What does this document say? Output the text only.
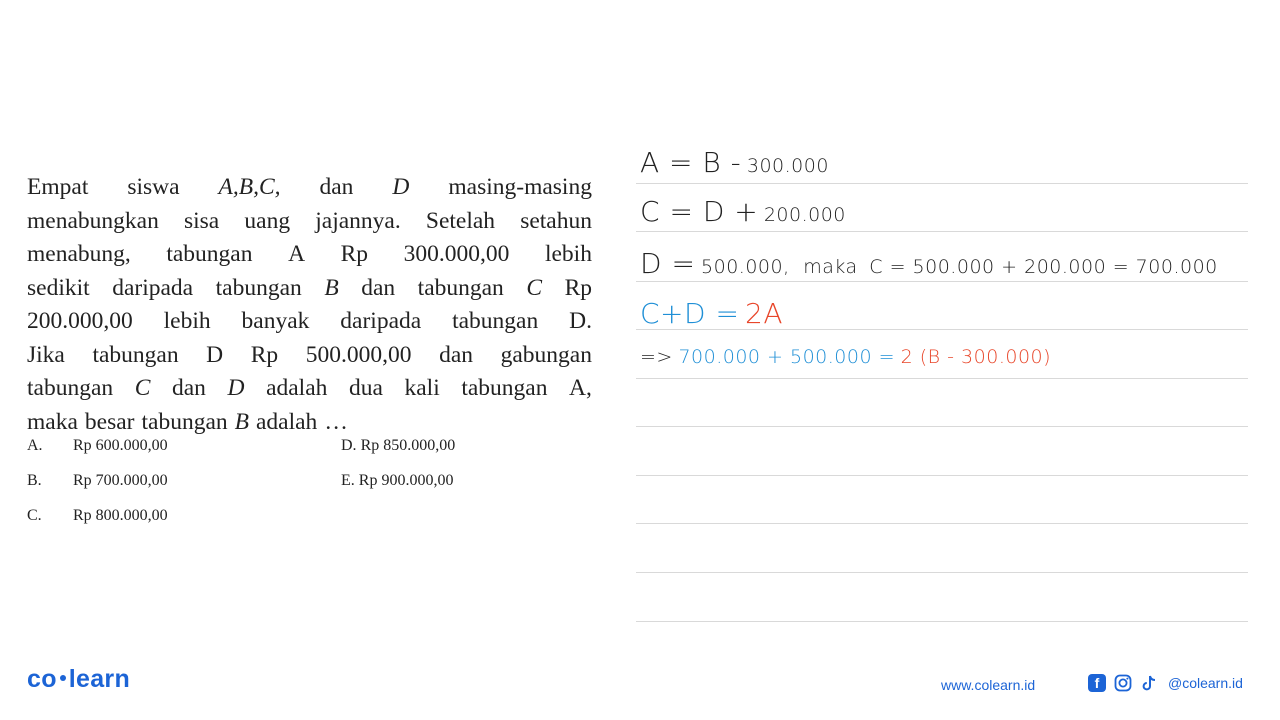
Empat siswa A,B,C, dan D masing-masing
menabungkan sisa uang jajannya. Setelah setahun
menabung, tabungan A Rp 300.000,00 lebih
sedikit daripada tabungan B dan tabungan C Rp
200.000,00 lebih banyak daripada tabungan D.
Jika tabungan D Rp 500.000,00 dan gabungan
tabungan C dan D adalah dua kali tabungan A,
maka besar tabungan B adalah …
A. Rp 600.000,00
B. Rp 700.000,00
C. Rp 800.000,00
D. Rp 850.000,00
E. Rp 900.000,00
A = B - 300.000
C = D + 200.000
D = 500.000, maka C = 500.000 + 200.000 = 700.000
C+D = 2A
=> 700.000 + 500.000 = 2 (B - 300.000)
co learn	www.colearn.id	f	@colearn.id
